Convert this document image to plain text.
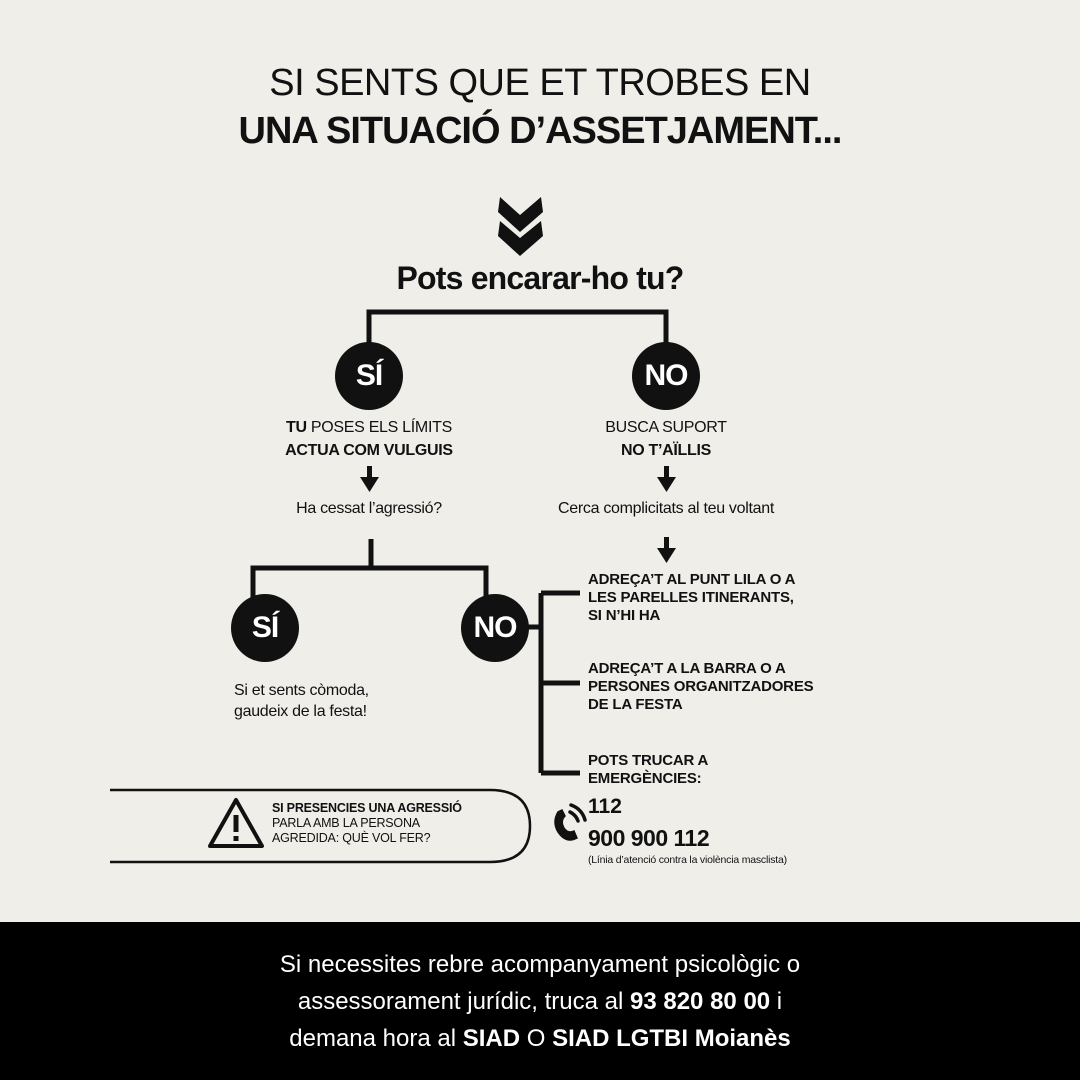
SI SENTS QUE ET TROBES EN
UNA SITUACIÓ D’ASSETJAMENT...
Pots encarar-ho tu?
SÍ	NO
TU POSES ELS LÍMITS
ACTUA COM VULGUIS
Ha cessat l’agressió?
BUSCA SUPORT
NO T’AÏLLIS
Cerca complicitats al teu voltant
SÍ	NO
Si et sents còmoda,
gaudeix de la festa!
ADREÇA’T AL PUNT LILA O A
LES PARELLES ITINERANTS,
SI N’HI HA
ADREÇA’T A LA BARRA O A
PERSONES ORGANITZADORES
DE LA FESTA
POTS TRUCAR A
EMERGÈNCIES:
112
900 900 112
(Línia d’atenció contra la violència masclista)
SI PRESENCIES UNA AGRESSIÓ
PARLA AMB LA PERSONA
AGREDIDA: QUÈ VOL FER?
Si necessites rebre acompanyament psicològic o
assessorament jurídic, truca al 93 820 80 00 i
demana hora al SIAD O SIAD LGTBI Moianès
